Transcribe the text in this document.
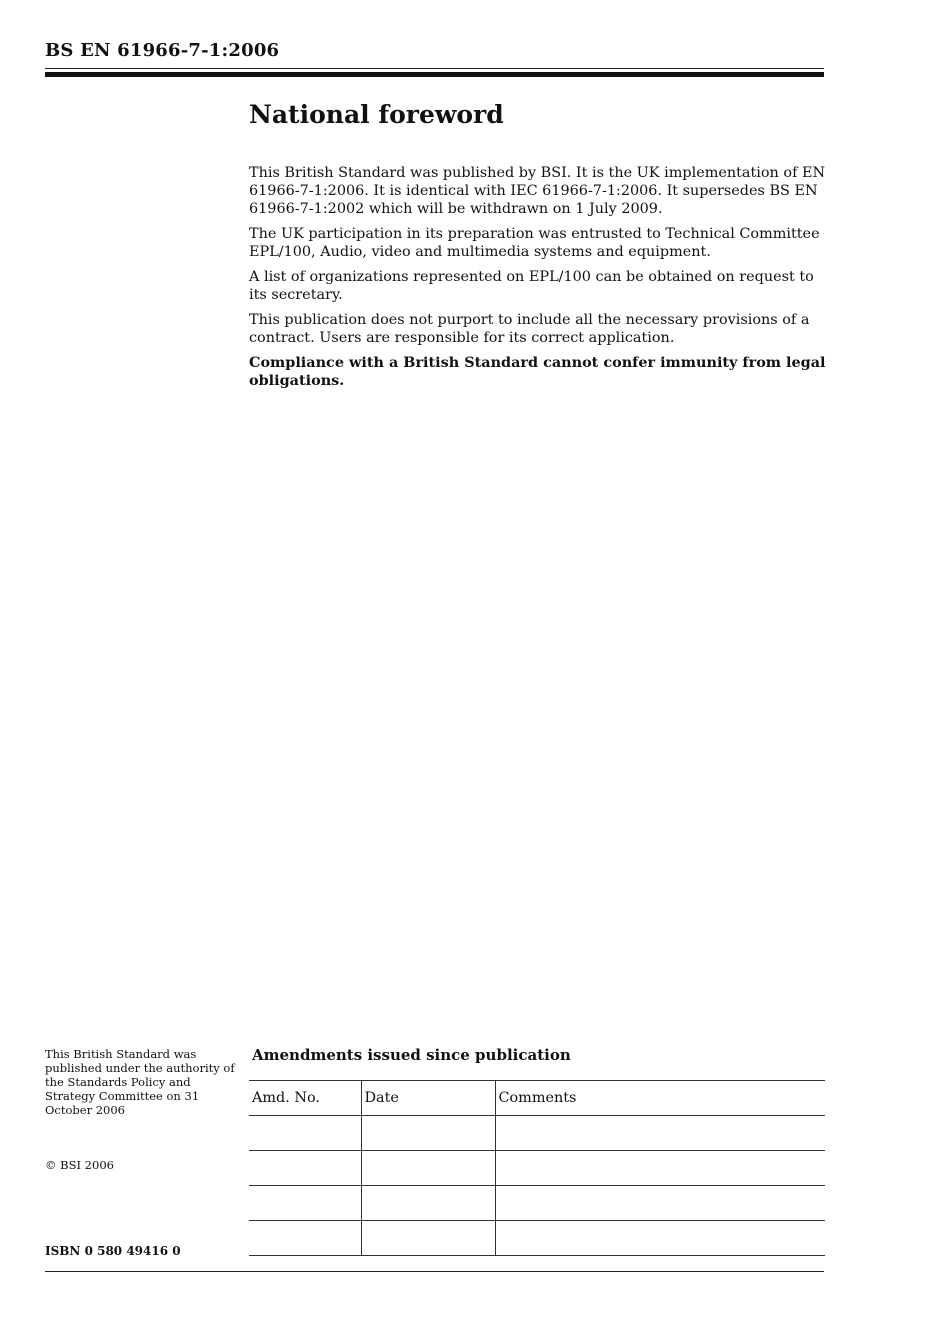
BS EN 61966-7-1:2006
National foreword

This British Standard was published by BSI. It is the UK implementation of EN 61966-7-1:2006. It is identical with IEC 61966-7-1:2006. It supersedes BS EN 61966-7-1:2002 which will be withdrawn on 1 July 2009.

The UK participation in its preparation was entrusted to Technical Committee EPL/100, Audio, video and multimedia systems and equipment.

A list of organizations represented on EPL/100 can be obtained on request to its secretary.

This publication does not purport to include all the necessary provisions of a contract. Users are responsible for its correct application.

Compliance with a British Standard cannot confer immunity from legal obligations.

This British Standard was published under the authority of the Standards Policy and Strategy Committee on 31 October 2006
© BSI 2006
ISBN 0 580 49416 0
Amendments issued since publication
Amd. No.	Date	Comments
